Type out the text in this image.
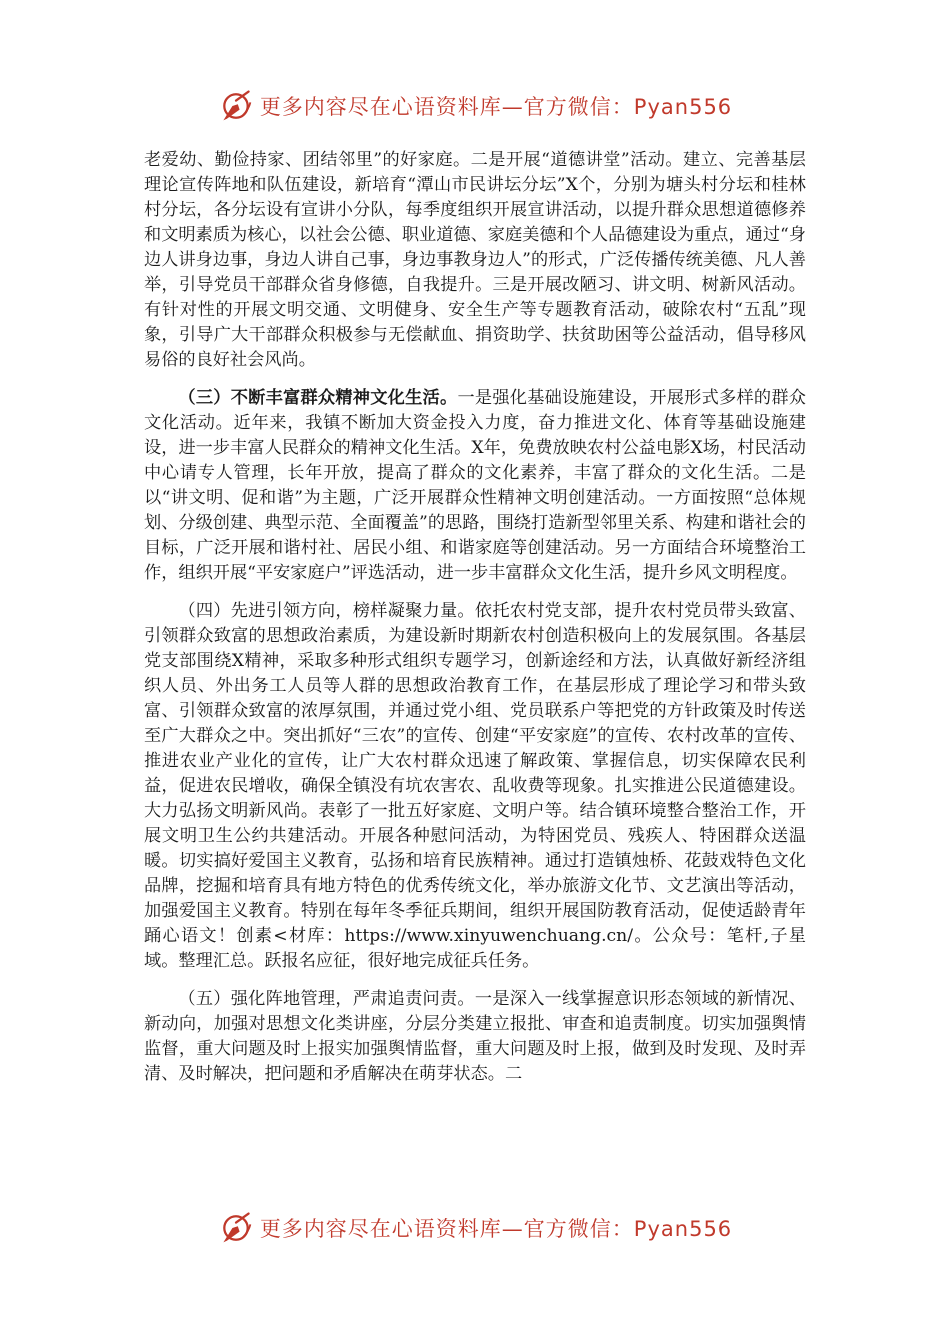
更多内容尽在心语资料库—官方微信：Pyan556

老爱幼、勤俭持家、团结邻里”的好家庭。二是开展“道德讲堂”活动。建立、完善基层理论宣传阵地和队伍建设，新培育“潭山市民讲坛分坛”X个，分别为塘头村分坛和桂林村分坛，各分坛设有宣讲小分队，每季度组织开展宣讲活动，以提升群众思想道德修养和文明素质为核心，以社会公德、职业道德、家庭美德和个人品德建设为重点，通过“身边人讲身边事，身边人讲自己事，身边事教身边人”的形式，广泛传播传统美德、凡人善举，引导党员干部群众省身修德，自我提升。三是开展改陋习、讲文明、树新风活动。有针对性的开展文明交通、文明健身、安全生产等专题教育活动，破除农村“五乱”现象，引导广大干部群众积极参与无偿献血、捐资助学、扶贫助困等公益活动，倡导移风易俗的良好社会风尚。

（三）不断丰富群众精神文化生活。一是强化基础设施建设，开展形式多样的群众文化活动。近年来，我镇不断加大资金投入力度，奋力推进文化、体育等基础设施建设，进一步丰富人民群众的精神文化生活。X年，免费放映农村公益电影X场，村民活动中心请专人管理，长年开放，提高了群众的文化素养，丰富了群众的文化生活。二是以“讲文明、促和谐”为主题，广泛开展群众性精神文明创建活动。一方面按照“总体规划、分级创建、典型示范、全面覆盖”的思路，围绕打造新型邻里关系、构建和谐社会的目标，广泛开展和谐村社、居民小组、和谐家庭等创建活动。另一方面结合环境整治工作，组织开展“平安家庭户”评选活动，进一步丰富群众文化生活，提升乡风文明程度。

（四）先进引领方向，榜样凝聚力量。依托农村党支部，提升农村党员带头致富、引领群众致富的思想政治素质，为建设新时期新农村创造积极向上的发展氛围。各基层党支部围绕X精神，采取多种形式组织专题学习，创新途经和方法，认真做好新经济组织人员、外出务工人员等人群的思想政治教育工作，在基层形成了理论学习和带头致富、引领群众致富的浓厚氛围，并通过党小组、党员联系户等把党的方针政策及时传送至广大群众之中。突出抓好“三农”的宣传、创建“平安家庭”的宣传、农村改革的宣传、推进农业产业化的宣传，让广大农村群众迅速了解政策、掌握信息，切实保障农民利益，促进农民增收，确保全镇没有坑农害农、乱收费等现象。扎实推进公民道德建设。大力弘扬文明新风尚。表彰了一批五好家庭、文明户等。结合镇环境整合整治工作，开展文明卫生公约共建活动。开展各种慰问活动，为特困党员、残疾人、特困群众送温暖。切实搞好爱国主义教育，弘扬和培育民族精神。通过打造镇烛桥、花鼓戏特色文化品牌，挖掘和培育具有地方特色的优秀传统文化，举办旅游文化节、文艺演出等活动，加强爱国主义教育。特别在每年冬季征兵期间，组织开展国防教育活动，促使适龄青年踊心语文！创素<材库：https://www.xinyuwenchuang.cn/。公众号：笔杆,子星域。整理汇总。跃报名应征，很好地完成征兵任务。

（五）强化阵地管理，严肃追责问责。一是深入一线掌握意识形态领域的新情况、新动向，加强对思想文化类讲座，分层分类建立报批、审查和追责制度。切实加强舆情监督，重大问题及时上报实加强舆情监督，重大问题及时上报，做到及时发现、及时弄清、及时解决，把问题和矛盾解决在萌芽状态。二

更多内容尽在心语资料库—官方微信：Pyan556
